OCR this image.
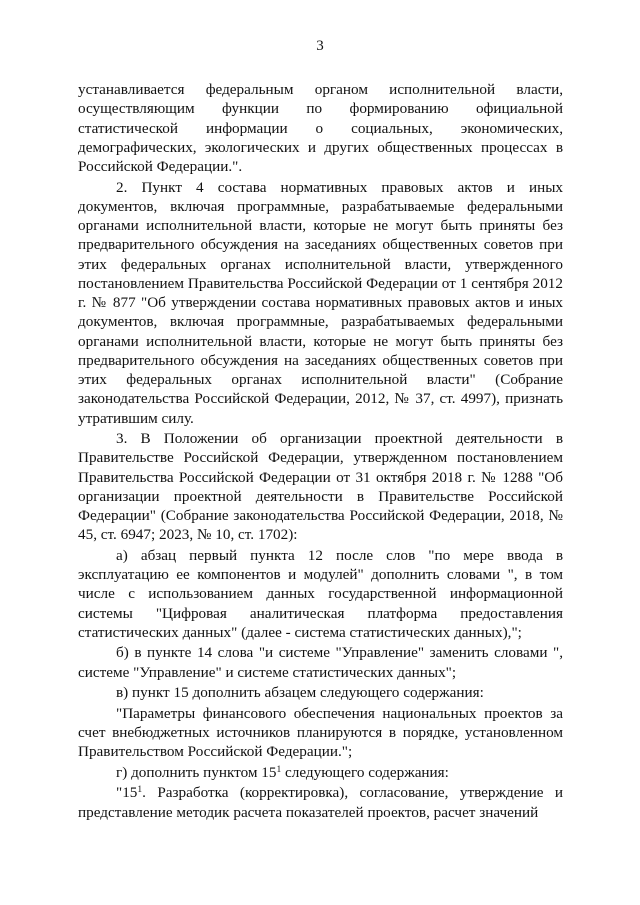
3

устанавливается федеральным органом исполнительной власти, осуществляющим функции по формированию официальной статистической информации о социальных, экономических, демографических, экологических и других общественных процессах в Российской Федерации.".

2. Пункт 4 состава нормативных правовых актов и иных документов, включая программные, разрабатываемые федеральными органами исполнительной власти, которые не могут быть приняты без предварительного обсуждения на заседаниях общественных советов при этих федеральных органах исполнительной власти, утвержденного постановлением Правительства Российской Федерации от 1 сентября 2012 г. № 877 "Об утверждении состава нормативных правовых актов и иных документов, включая программные, разрабатываемых федеральными органами исполнительной власти, которые не могут быть приняты без предварительного обсуждения на заседаниях общественных советов при этих федеральных органах исполнительной власти" (Собрание законодательства Российской Федерации, 2012, № 37, ст. 4997), признать утратившим силу.

3. В Положении об организации проектной деятельности в Правительстве Российской Федерации, утвержденном постановлением Правительства Российской Федерации от 31 октября 2018 г. № 1288 "Об организации проектной деятельности в Правительстве Российской Федерации" (Собрание законодательства Российской Федерации, 2018, № 45, ст. 6947; 2023, № 10, ст. 1702):

а) абзац первый пункта 12 после слов "по мере ввода в эксплуатацию ее компонентов и модулей" дополнить словами ", в том числе с использованием данных государственной информационной системы "Цифровая аналитическая платформа предоставления статистических данных" (далее - система статистических данных),";

б) в пункте 14 слова "и системе "Управление" заменить словами ", системе "Управление" и системе статистических данных";

в) пункт 15 дополнить абзацем следующего содержания:

"Параметры финансового обеспечения национальных проектов за счет внебюджетных источников планируются в порядке, установленном Правительством Российской Федерации.";

г) дополнить пунктом $15^1$ следующего содержания:

"$15^1$. Разработка (корректировка), согласование, утверждение и представление методик расчета показателей проектов, расчет значений
